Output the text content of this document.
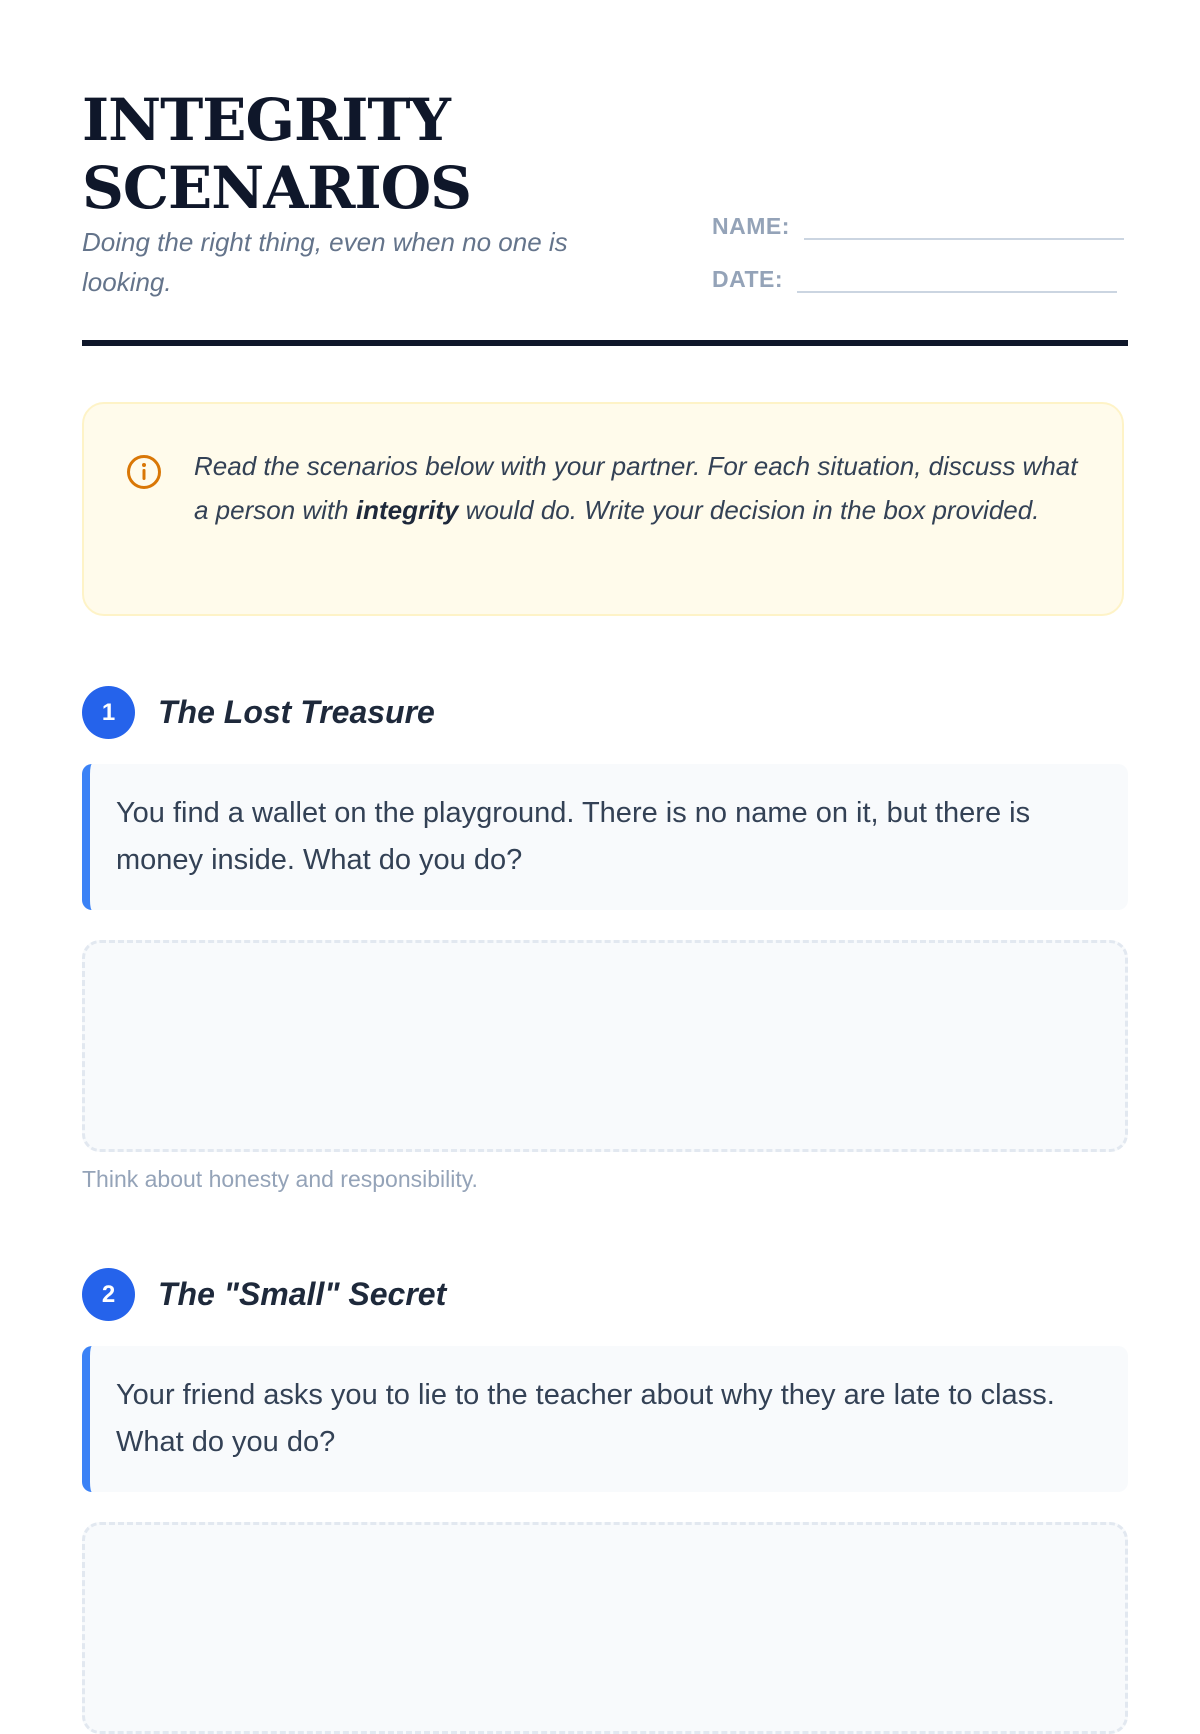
INTEGRITY
SCENARIOS

Doing the right thing, even when no one is looking.

NAME:
DATE:

Read the scenarios below with your partner. For each situation, discuss what a person with integrity would do. Write your decision in the box provided.

1	The Lost Treasure
You find a wallet on the playground. There is no name on it, but there is money inside. What do you do?

Think about honesty and responsibility.

2	The "Small" Secret
Your friend asks you to lie to the teacher about why they are late to class. What do you do?
